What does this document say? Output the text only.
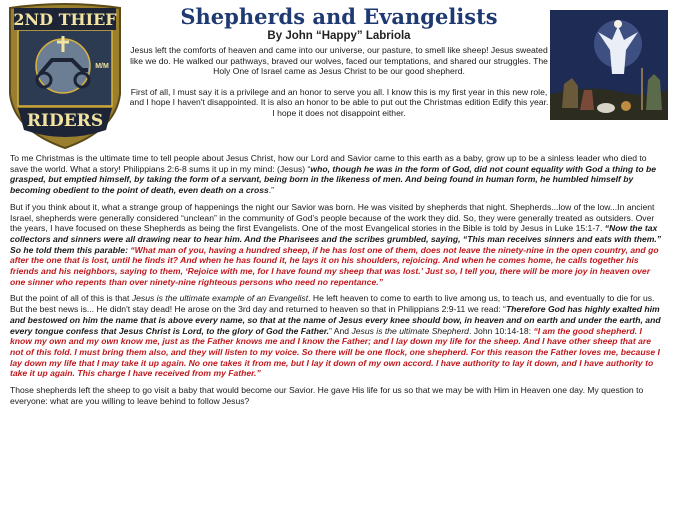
2ND THIEF
M/M
RIDERS
Shepherds and Evangelists
By John “Happy” Labriola

Jesus left the comforts of heaven and came into our universe, our pasture, to smell like sheep! Jesus sweated like we do. He walked our pathways, braved our wolves, faced our temptations, and shared our struggles. The Holy One of Israel came as Jesus Christ to be our good shepherd.

First of all, I must say it is a privilege and an honor to serve you all. I know this is my first year in this new role, and I hope I haven't disappointed. It is also an honor to be able to put out the Christmas edition Edify this year. I hope it does not disappoint either.

To me Christmas is the ultimate time to tell people about Jesus Christ, how our Lord and Savior came to this earth as a baby, grow up to be a sinless leader who died to save the world. What a story! Philippians 2:6-8 sums it up in my mind: (Jesus) “who, though he was in the form of God, did not count equality with God a thing to be grasped, but emptied himself, by taking the form of a servant, being born in the likeness of men. And being found in human form, he humbled himself by becoming obedient to the point of death, even death on a cross.”

But if you think about it, what a strange group of happenings the night our Savior was born. He was visited by shepherds that night. Shepherds...low of the low...In ancient Israel, shepherds were generally considered “unclean” in the community of God’s people because of the work they did. So, they were generally treated as outsiders. Over the years, I have focused on these Shepherds as being the first Evangelists. One of the most Evangelical stories in the Bible is told by Jesus in Luke 15:1-7. “Now the tax collectors and sinners were all drawing near to hear him. And the Pharisees and the scribes grumbled, saying, “This man receives sinners and eats with them.” So he told them this parable: “What man of you, having a hundred sheep, if he has lost one of them, does not leave the ninety-nine in the open country, and go after the one that is lost, until he finds it? And when he has found it, he lays it on his shoulders, rejoicing. And when he comes home, he calls together his friends and his neighbors, saying to them, ‘Rejoice with me, for I have found my sheep that was lost.’ Just so, I tell you, there will be more joy in heaven over one sinner who repents than over ninety-nine righteous persons who need no repentance.”

But the point of all of this is that Jesus is the ultimate example of an Evangelist. He left heaven to come to earth to live among us, to teach us, and eventually to die for us. But the best news is... He didn't stay dead! He arose on the 3rd day and returned to heaven so that in Philippians 2:9-11 we read: “Therefore God has highly exalted him and bestowed on him the name that is above every name, so that at the name of Jesus every knee should bow, in heaven and on earth and under the earth, and every tongue confess that Jesus Christ is Lord, to the glory of God the Father.” And Jesus is the ultimate Shepherd. John 10:14-18: “I am the good shepherd. I know my own and my own know me, just as the Father knows me and I know the Father; and I lay down my life for the sheep. And I have other sheep that are not of this fold. I must bring them also, and they will listen to my voice. So there will be one flock, one shepherd. For this reason the Father loves me, because I lay down my life that I may take it up again. No one takes it from me, but I lay it down of my own accord. I have authority to lay it down, and I have authority to take it up again. This charge I have received from my Father.”

Those shepherds left the sheep to go visit a baby that would become our Savior. He gave His life for us so that we may be with Him in Heaven one day. My question to everyone: what are you willing to leave behind to follow Jesus?
